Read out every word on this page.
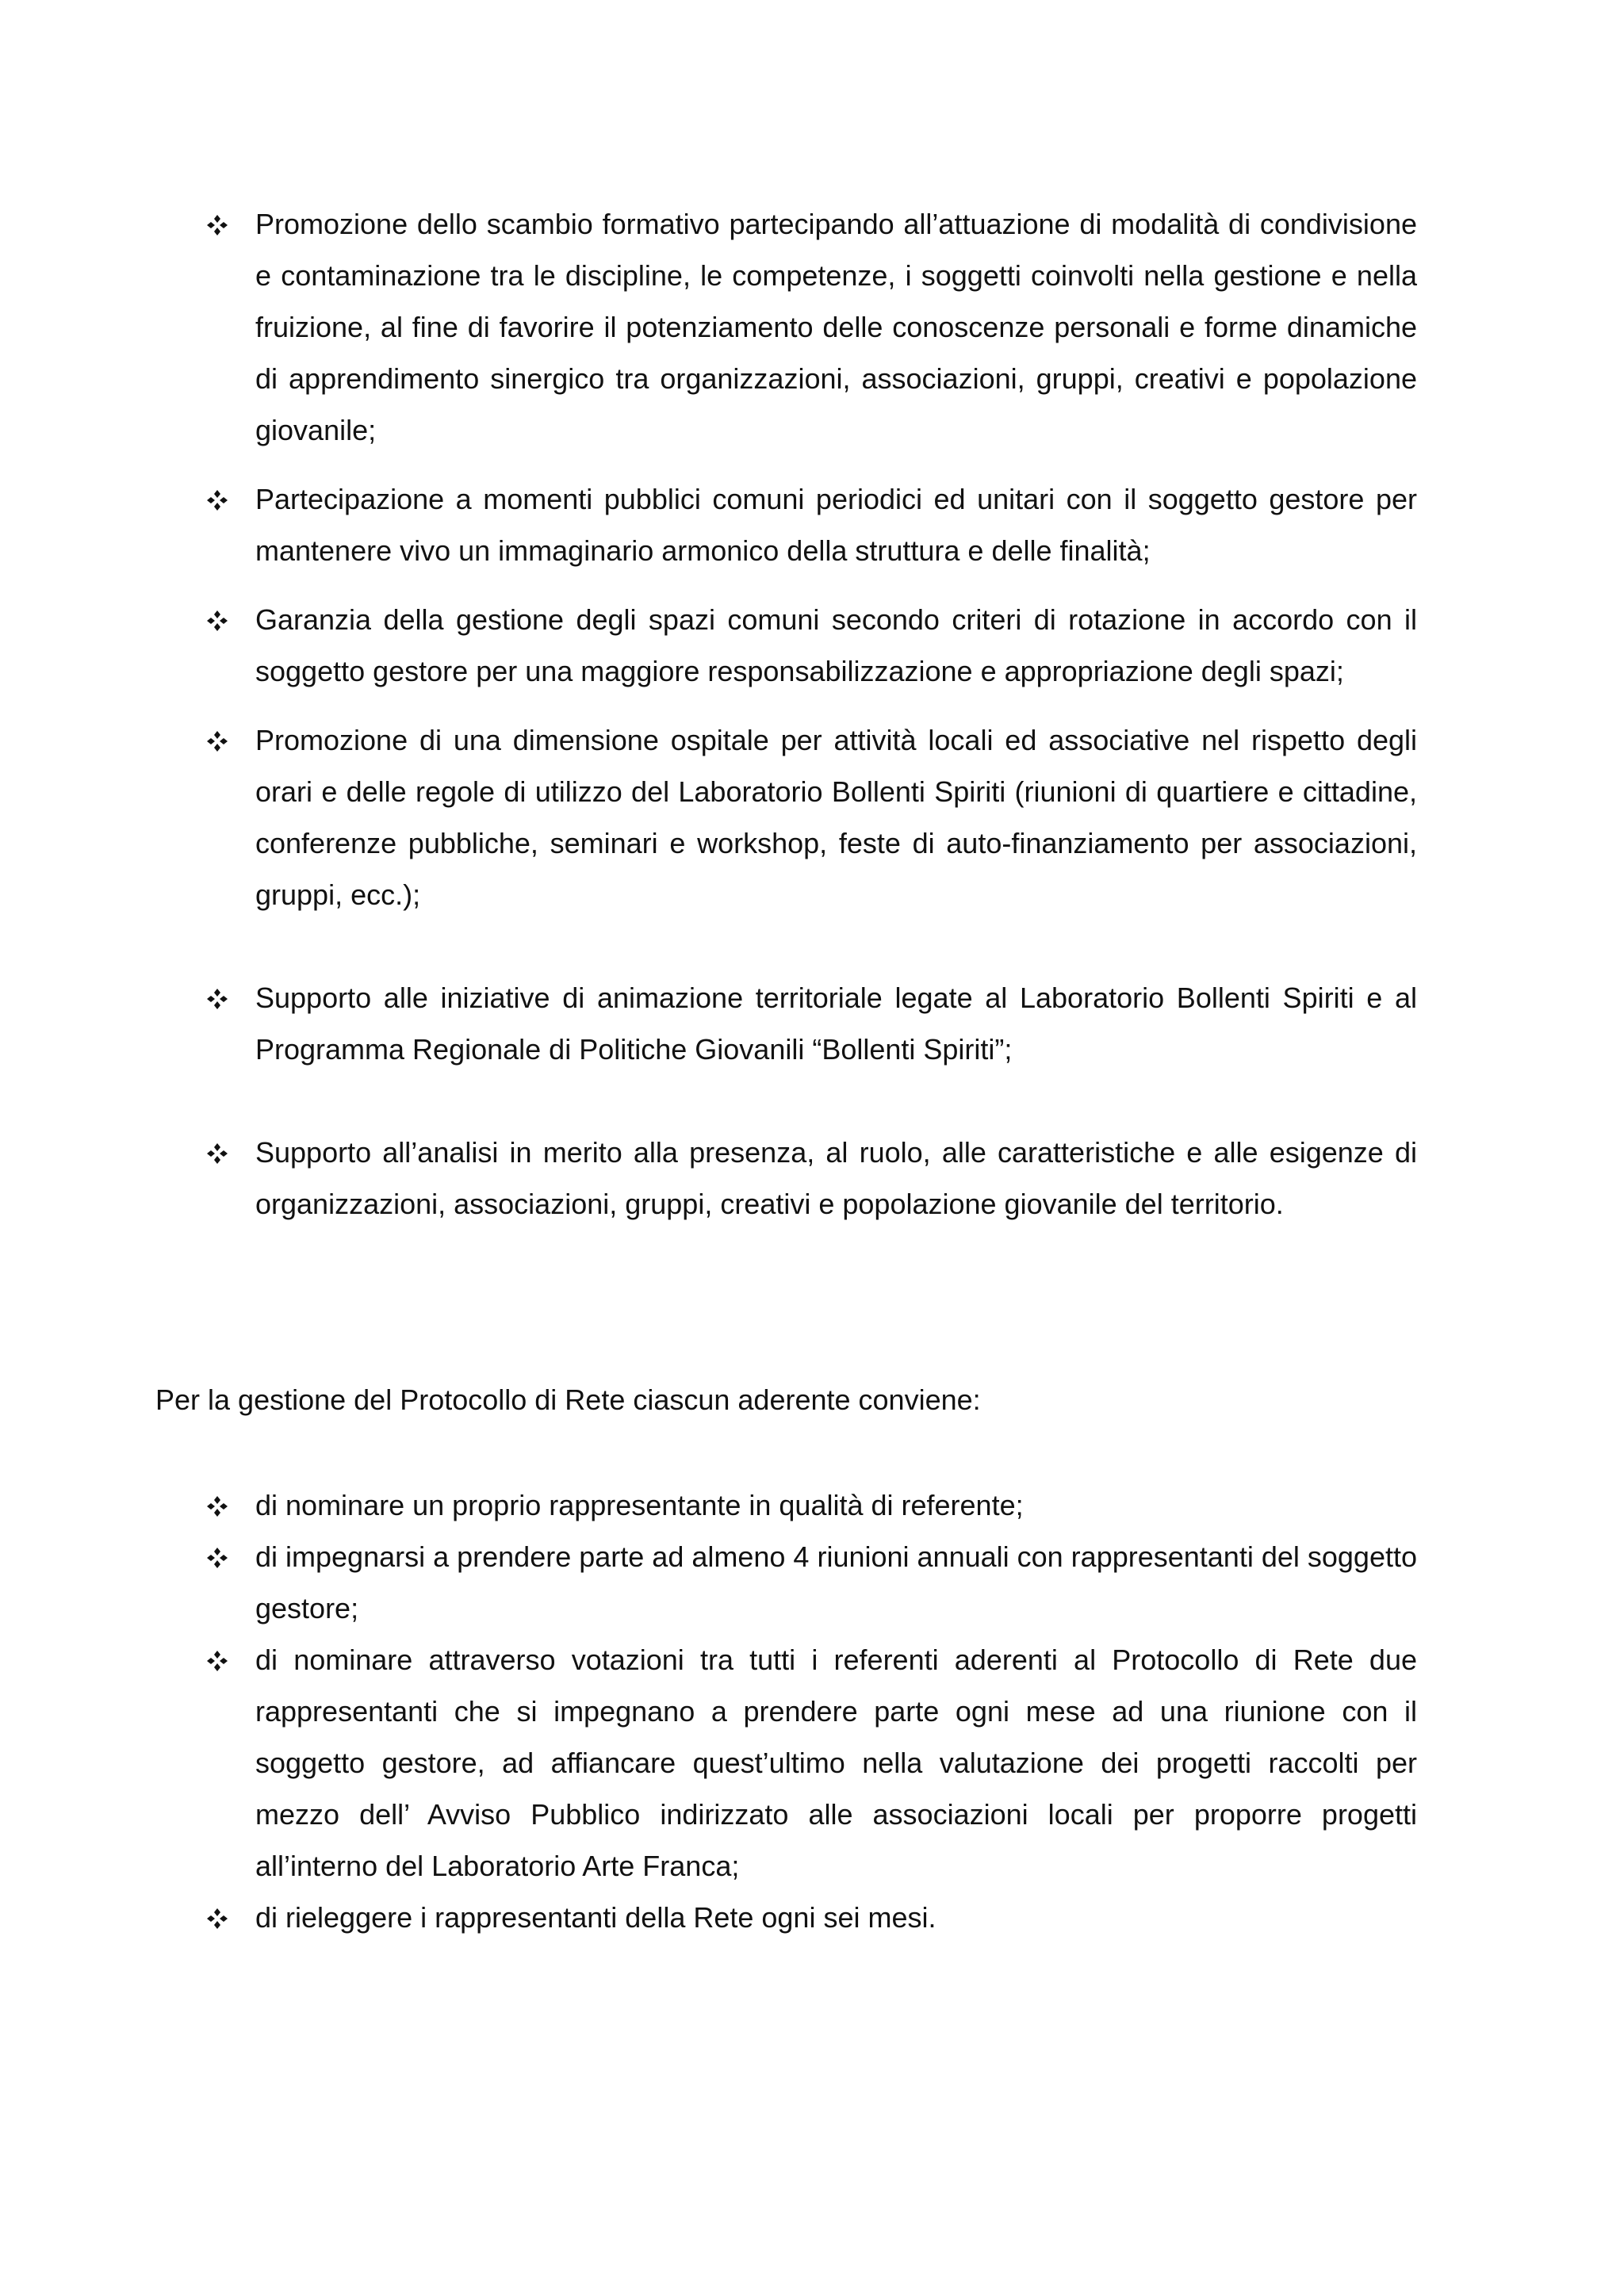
Promozione dello scambio formativo partecipando all’attuazione di modalità di condivisione e contaminazione tra le discipline, le competenze, i soggetti coinvolti nella gestione e nella fruizione, al fine di favorire il potenziamento delle conoscenze personali e forme dinamiche di apprendimento sinergico tra organizzazioni, associazioni, gruppi, creativi e popolazione giovanile;
Partecipazione a momenti pubblici comuni periodici ed unitari con il soggetto gestore per mantenere vivo un immaginario armonico della struttura e delle finalità;
Garanzia della gestione degli spazi comuni secondo criteri di rotazione in accordo con il soggetto gestore per una maggiore responsabilizzazione e appropriazione degli spazi;
Promozione di una dimensione ospitale per attività locali ed associative nel rispetto degli orari e delle regole di utilizzo del Laboratorio Bollenti Spiriti (riunioni di quartiere e cittadine, conferenze pubbliche, seminari e workshop, feste di auto-finanziamento per associazioni, gruppi, ecc.);
Supporto alle iniziative di animazione territoriale legate al Laboratorio Bollenti Spiriti e al Programma Regionale di Politiche Giovanili “Bollenti Spiriti”;
Supporto all’analisi in merito alla presenza, al ruolo, alle caratteristiche e alle esigenze di organizzazioni, associazioni, gruppi, creativi e popolazione giovanile del territorio.

Per la gestione del Protocollo di Rete ciascun aderente conviene:

di nominare un proprio rappresentante in qualità di referente;
di impegnarsi a prendere parte ad almeno 4 riunioni annuali con rappresentanti del soggetto gestore;
di nominare attraverso votazioni tra tutti i referenti aderenti al Protocollo di Rete due rappresentanti che si impegnano a prendere parte ogni mese ad una riunione con il soggetto gestore, ad affiancare quest’ultimo nella valutazione dei progetti raccolti per mezzo dell’ Avviso Pubblico indirizzato alle associazioni locali per proporre progetti all’interno del Laboratorio Arte Franca;
di rieleggere i rappresentanti della Rete ogni sei mesi.
